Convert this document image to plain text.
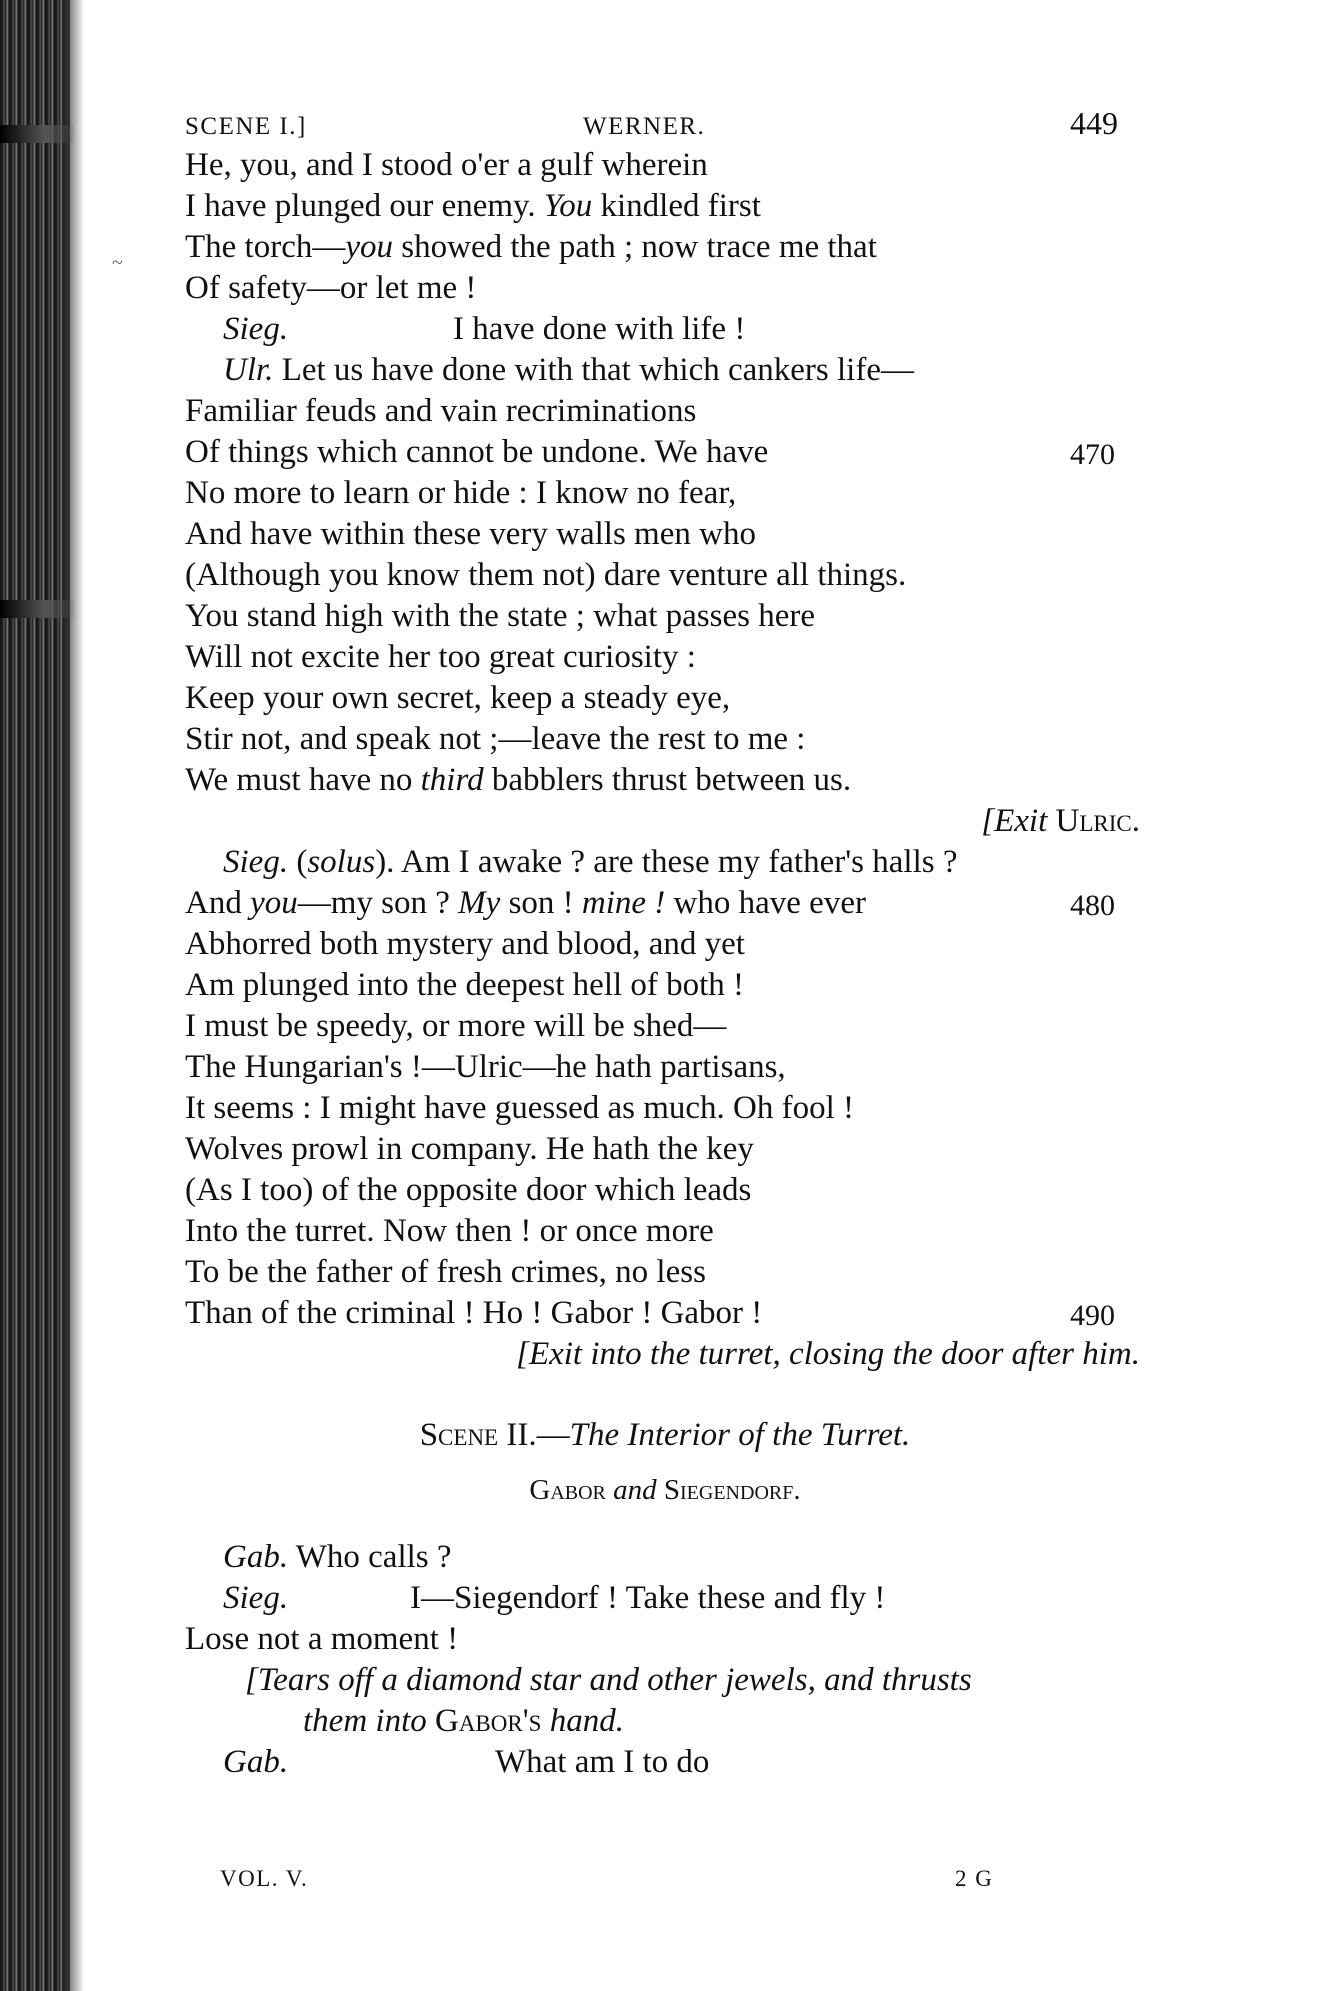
~
SCENE I.]	WERNER.	449
He, you, and I stood o'er a gulf wherein
I have plunged our enemy. You kindled first
The torch—you showed the path ; now trace me that
Of safety—or let me !
Sieg.	I have done with life !
Ulr. Let us have done with that which cankers life—
Familiar feuds and vain recriminations
Of things which cannot be undone. We have	470
No more to learn or hide : I know no fear,
And have within these very walls men who
(Although you know them not) dare venture all things.
You stand high with the state ; what passes here
Will not excite her too great curiosity :
Keep your own secret, keep a steady eye,
Stir not, and speak not ;—leave the rest to me :
We must have no third babblers thrust between us.
[Exit Ulric.
Sieg. (solus). Am I awake ? are these my father's halls ?
And you—my son ? My son ! mine ! who have ever	480
Abhorred both mystery and blood, and yet
Am plunged into the deepest hell of both !
I must be speedy, or more will be shed—
The Hungarian's !—Ulric—he hath partisans,
It seems : I might have guessed as much. Oh fool !
Wolves prowl in company. He hath the key
(As I too) of the opposite door which leads
Into the turret. Now then ! or once more
To be the father of fresh crimes, no less
Than of the criminal ! Ho ! Gabor ! Gabor !	490
[Exit into the turret, closing the door after him.
Scene II.—The Interior of the Turret.
Gabor and Siegendorf.
Gab. Who calls ?
Sieg.	I—Siegendorf ! Take these and fly !
Lose not a moment !
[Tears off a diamond star and other jewels, and thrusts
them into Gabor's hand.
Gab.	What am I to do
VOL. V.	2 G
